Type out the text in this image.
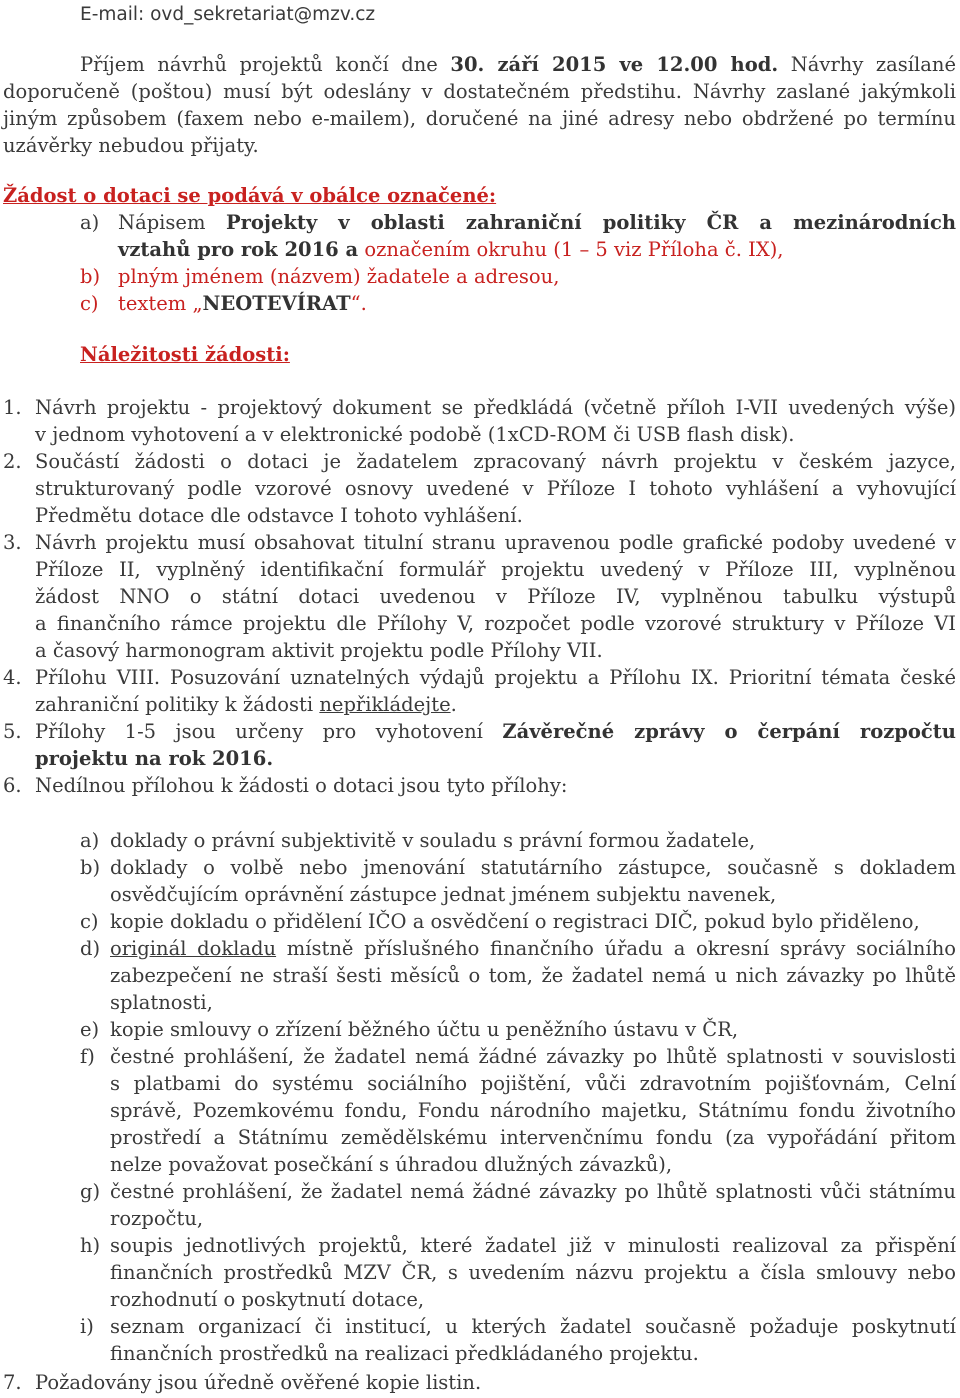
E-mail: ovd_sekretariat@mzv.cz
Příjem návrhů projektů končí dne 30. září 2015 ve 12.00 hod. Návrhy zasílané
doporučeně (poštou) musí být odeslány v dostatečném předstihu. Návrhy zaslané jakýmkoli
jiným způsobem (faxem nebo e-mailem), doručené na jiné adresy nebo obdržené po termínu
uzávěrky nebudou přijaty.
Žádost o dotaci se podává v obálce označené:
a) Nápisem Projekty v oblasti zahraniční politiky ČR a mezinárodních
vztahů pro rok 2016 a označením okruhu (1 – 5 viz Příloha č. IX),
b) plným jménem (názvem) žadatele a adresou,
c) textem „NEOTEVÍRAT“.
Náležitosti žádosti:
1. Návrh projektu - projektový dokument se předkládá (včetně příloh I-VII uvedených výše)
v jednom vyhotovení a v elektronické podobě (1xCD-ROM či USB flash disk).
2. Součástí žádosti o dotaci je žadatelem zpracovaný návrh projektu v českém jazyce,
strukturovaný podle vzorové osnovy uvedené v Příloze I tohoto vyhlášení a vyhovující
Předmětu dotace dle odstavce I tohoto vyhlášení.
3. Návrh projektu musí obsahovat titulní stranu upravenou podle grafické podoby uvedené v
Příloze II, vyplněný identifikační formulář projektu uvedený v Příloze III, vyplněnou
žádost NNO o státní dotaci uvedenou v Příloze IV, vyplněnou tabulku výstupů
a finančního rámce projektu dle Přílohy V, rozpočet podle vzorové struktury v Příloze VI
a časový harmonogram aktivit projektu podle Přílohy VII.
4. Přílohu VIII. Posuzování uznatelných výdajů projektu a Přílohu IX. Prioritní témata české
zahraniční politiky k žádosti nepřikládejte.
5. Přílohy 1-5 jsou určeny pro vyhotovení Závěrečné zprávy o čerpání rozpočtu
projektu na rok 2016.
6. Nedílnou přílohou k žádosti o dotaci jsou tyto přílohy:
a) doklady o právní subjektivitě v souladu s právní formou žadatele,
b) doklady o volbě nebo jmenování statutárního zástupce, současně s dokladem
osvědčujícím oprávnění zástupce jednat jménem subjektu navenek,
c) kopie dokladu o přidělení IČO a osvědčení o registraci DIČ, pokud bylo přiděleno,
d) originál dokladu místně příslušného finančního úřadu a okresní správy sociálního
zabezpečení ne straší šesti měsíců o tom, že žadatel nemá u nich závazky po lhůtě
splatnosti,
e) kopie smlouvy o zřízení běžného účtu u peněžního ústavu v ČR,
f) čestné prohlášení, že žadatel nemá žádné závazky po lhůtě splatnosti v souvislosti
s platbami do systému sociálního pojištění, vůči zdravotním pojišťovnám, Celní
správě, Pozemkovému fondu, Fondu národního majetku, Státnímu fondu životního
prostředí a Státnímu zemědělskému intervenčnímu fondu (za vypořádání přitom
nelze považovat posečkání s úhradou dlužných závazků),
g) čestné prohlášení, že žadatel nemá žádné závazky po lhůtě splatnosti vůči státnímu
rozpočtu,
h) soupis jednotlivých projektů, které žadatel již v minulosti realizoval za přispění
finančních prostředků MZV ČR, s uvedením názvu projektu a čísla smlouvy nebo
rozhodnutí o poskytnutí dotace,
i) seznam organizací či institucí, u kterých žadatel současně požaduje poskytnutí
finančních prostředků na realizaci předkládaného projektu.
7. Požadovány jsou úředně ověřené kopie listin.
